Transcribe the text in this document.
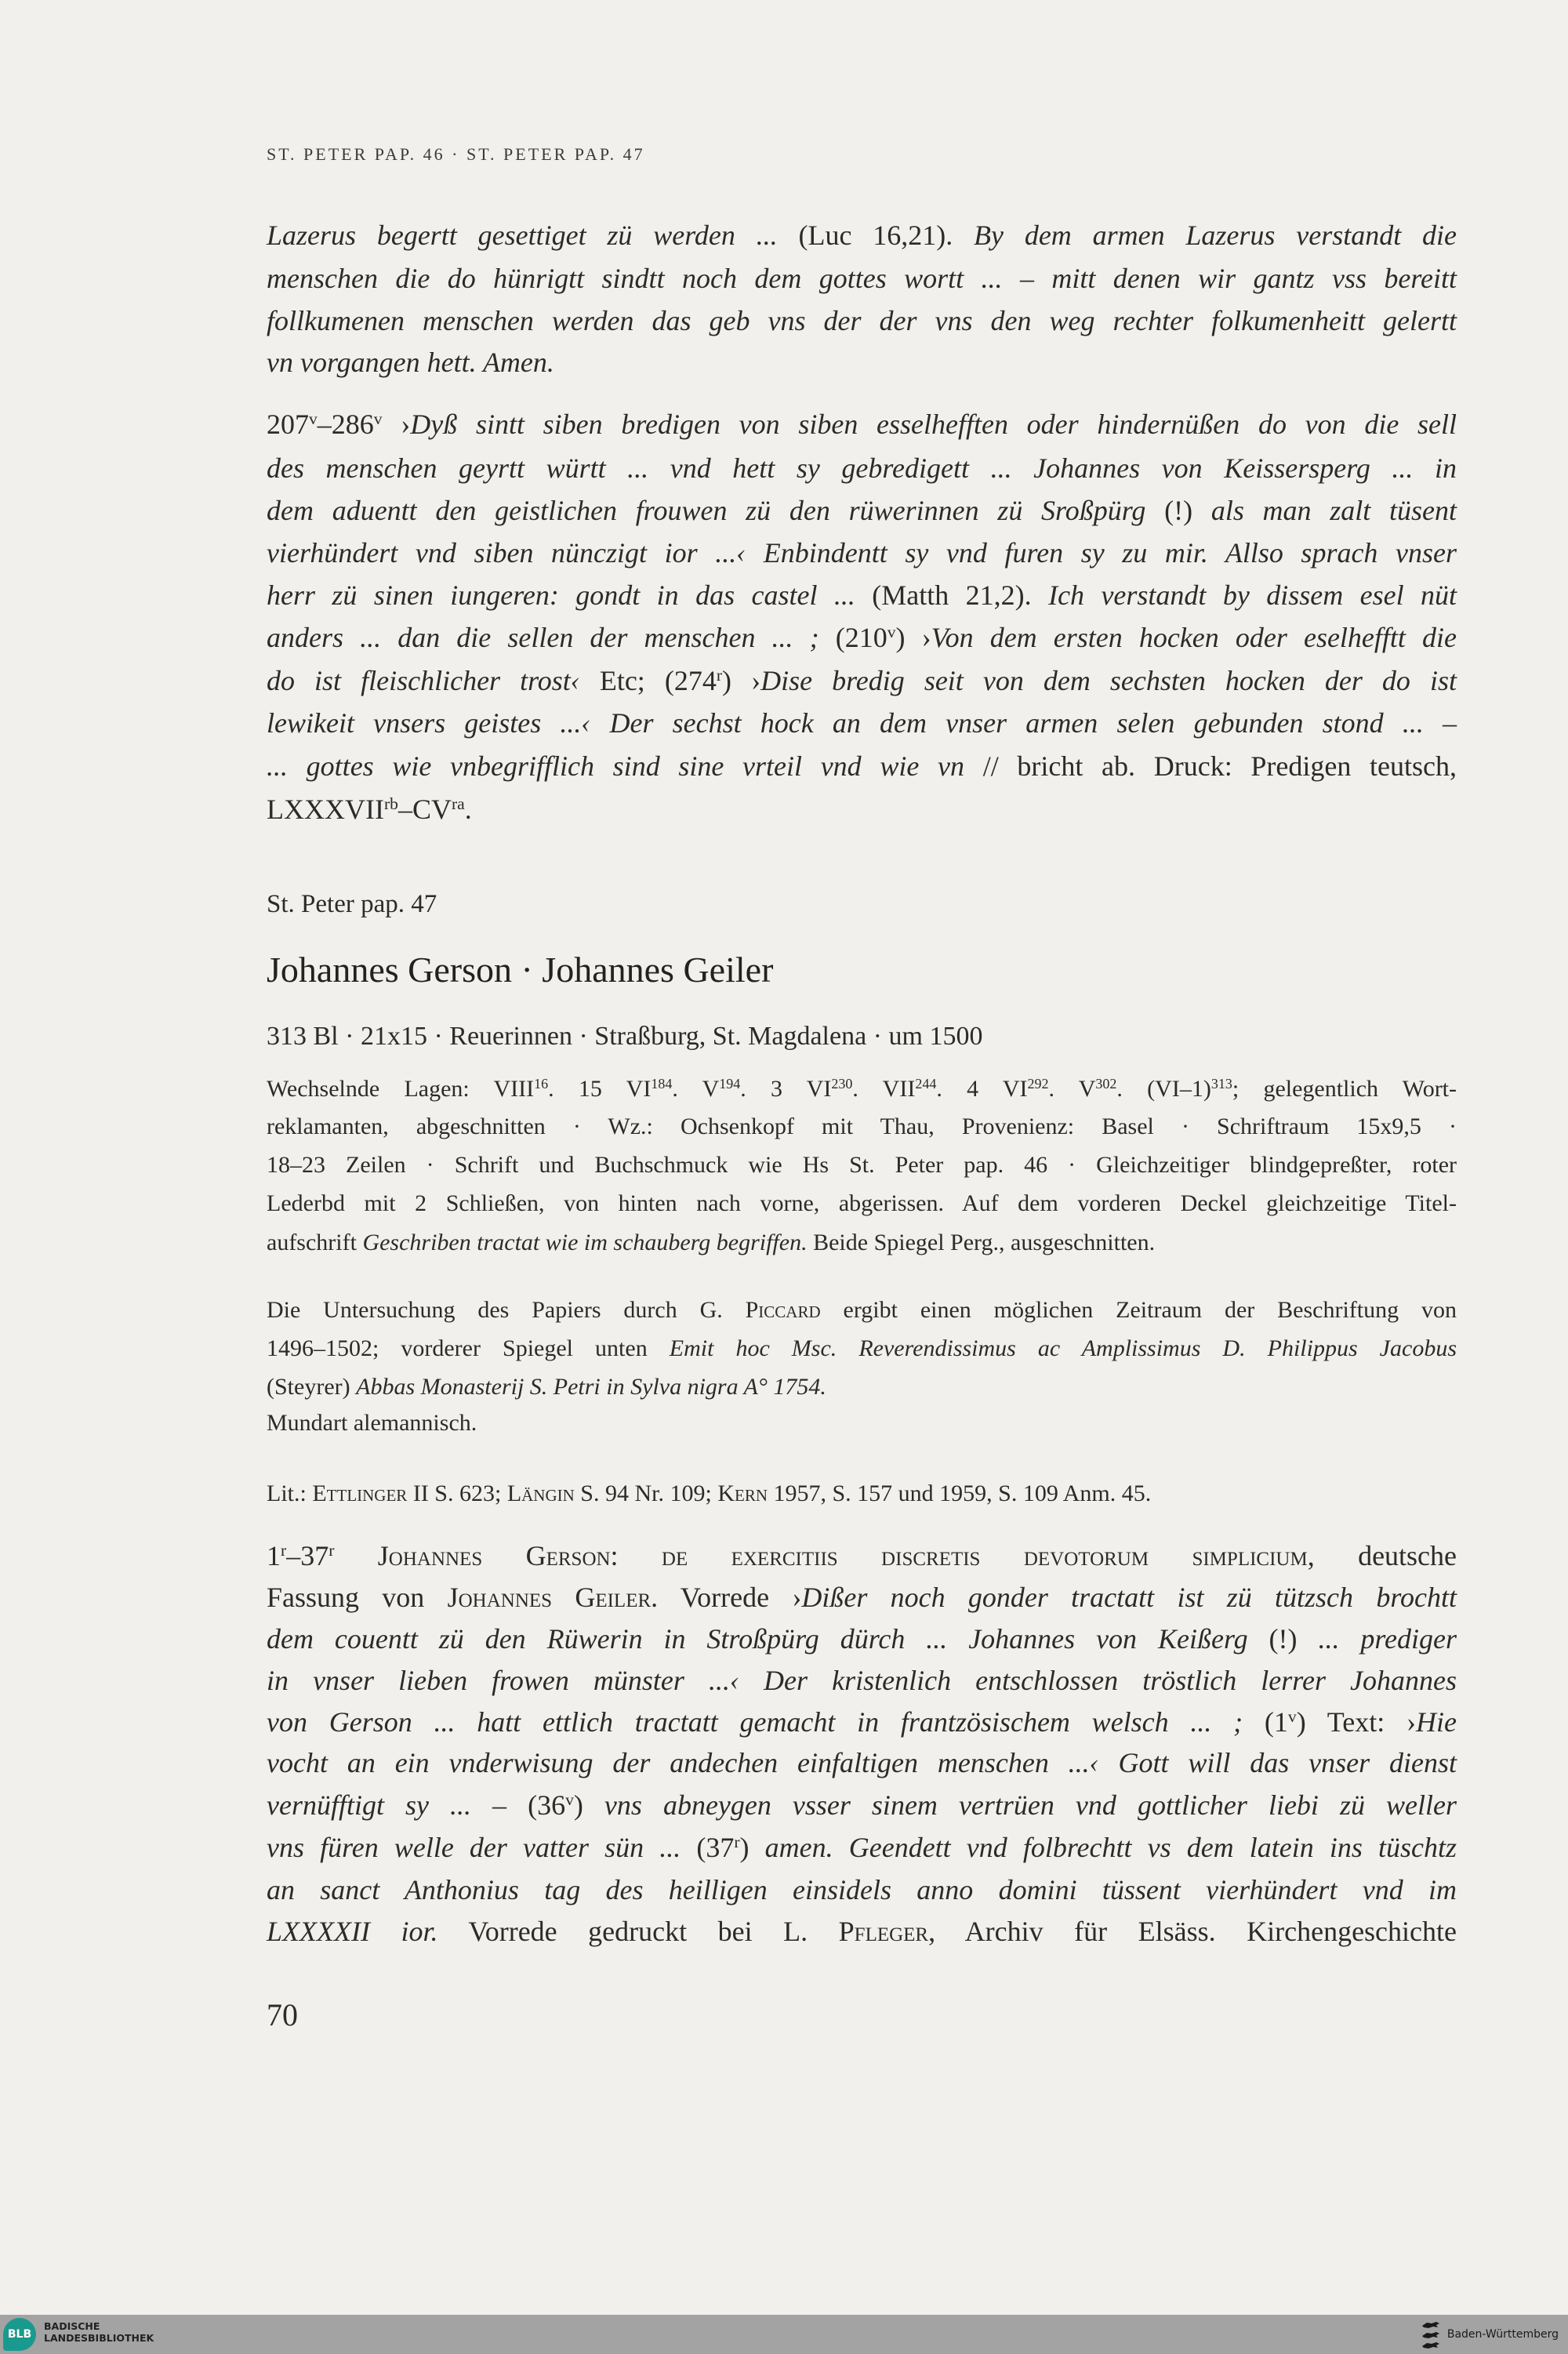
ST. PETER PAP. 46 · ST. PETER PAP. 47
Lazerus begertt gesettiget zü werden ... (Luc 16,21). By dem armen Lazerus verstandt die
menschen die do hünrigtt sindtt noch dem gottes wortt ... – mitt denen wir gantz vss bereitt
follkumenen menschen werden das geb vns der der vns den weg rechter folkumenheitt gelertt
vn vorgangen hett. Amen.
207$^v$–286$^v$ ›Dyß sintt siben bredigen von siben esselhefften oder hindernüßen do von die sell
des menschen geyrtt württ ... vnd hett sy gebredigett ... Johannes von Keissersperg ... in
dem aduentt den geistlichen frouwen zü den rüwerinnen zü Sroßpürg (!) als man zalt tüsent
vierhündert vnd siben nünczigt ior ...‹ Enbindentt sy vnd furen sy zu mir. Allso sprach vnser
herr zü sinen iungeren: gondt in das castel ... (Matth 21,2). Ich verstandt by dissem esel nüt
anders ... dan die sellen der menschen ... ; (210$^v$) ›Von dem ersten hocken oder eselhefftt die
do ist fleischlicher trost‹ Etc; (274$^r$) ›Dise bredig seit von dem sechsten hocken der do ist
lewikeit vnsers geistes ...‹ Der sechst hock an dem vnser armen selen gebunden stond ... –
... gottes wie vnbegrifflich sind sine vrteil vnd wie vn // bricht ab. Druck: Predigen teutsch,
$LXXXVII^{rb}-CV^{ra}$.
St. Peter pap. 47
Johannes Gerson · Johannes Geiler
313 Bl · 21x15 · Reuerinnen · Straßburg, St. Magdalena · um 1500
Wechselnde Lagen: VIII$^{16}$. 15 VI$^{184}$. $V^{194}$. 3 VI$^{230}$. VII$^{244}$. 4 VI$^{292}$. $V^{302}$. $(VI-1)^{313}$; gelegentlich Wort-
reklamanten, abgeschnitten · Wz.: Ochsenkopf mit Thau, Provenienz: Basel · Schriftraum 15x9,5 ·
18–23 Zeilen · Schrift und Buchschmuck wie Hs St. Peter pap. 46 · Gleichzeitiger blindgepreßter, roter
Lederbd mit 2 Schließen, von hinten nach vorne, abgerissen. Auf dem vorderen Deckel gleichzeitige Titel-
aufschrift Geschriben tractat wie im schauberg begriffen. Beide Spiegel Perg., ausgeschnitten.
Die Untersuchung des Papiers durch G. Piccard ergibt einen möglichen Zeitraum der Beschriftung von
1496–1502; vorderer Spiegel unten Emit hoc Msc. Reverendissimus ac Amplissimus D. Philippus Jacobus
(Steyrer) Abbas Monasterij S. Petri in Sylva nigra A° 1754.
Mundart alemannisch.
Lit.: Ettlinger II S. 623; Längin S. 94 Nr. 109; Kern 1957, S. 157 und 1959, S. 109 Anm. 45.
1$^r$–37$^r$ Johannes Gerson: de exercitiis discretis devotorum simplicium, deutsche
Fassung von Johannes Geiler. Vorrede ›Dißer noch gonder tractatt ist zü tützsch brochtt
dem couentt zü den Rüwerin in Stroßpürg dürch ... Johannes von Keißerg (!) ... prediger
in vnser lieben frowen münster ...‹ Der kristenlich entschlossen tröstlich lerrer Johannes
von Gerson ... hatt ettlich tractatt gemacht in frantzösischem welsch ... ; (1$^v$) Text: ›Hie
vocht an ein vnderwisung der andechen einfaltigen menschen ...‹ Gott will das vnser dienst
vernüfftigt sy ... – (36$^v$) vns abneygen vsser sinem vertrüen vnd gottlicher liebi zü weller
vns füren welle der vatter sün ... (37$^r$) amen. Geendett vnd folbrechtt vs dem latein ins tüschtz
an sanct Anthonius tag des heilligen einsidels anno domini tüssent vierhündert vnd im
LXXXXII ior. Vorrede gedruckt bei L. Pfleger, Archiv für Elsäss. Kirchengeschichte
70
BLB
BADISCHE
LANDESBIBLIOTHEK	Baden-Württemberg
